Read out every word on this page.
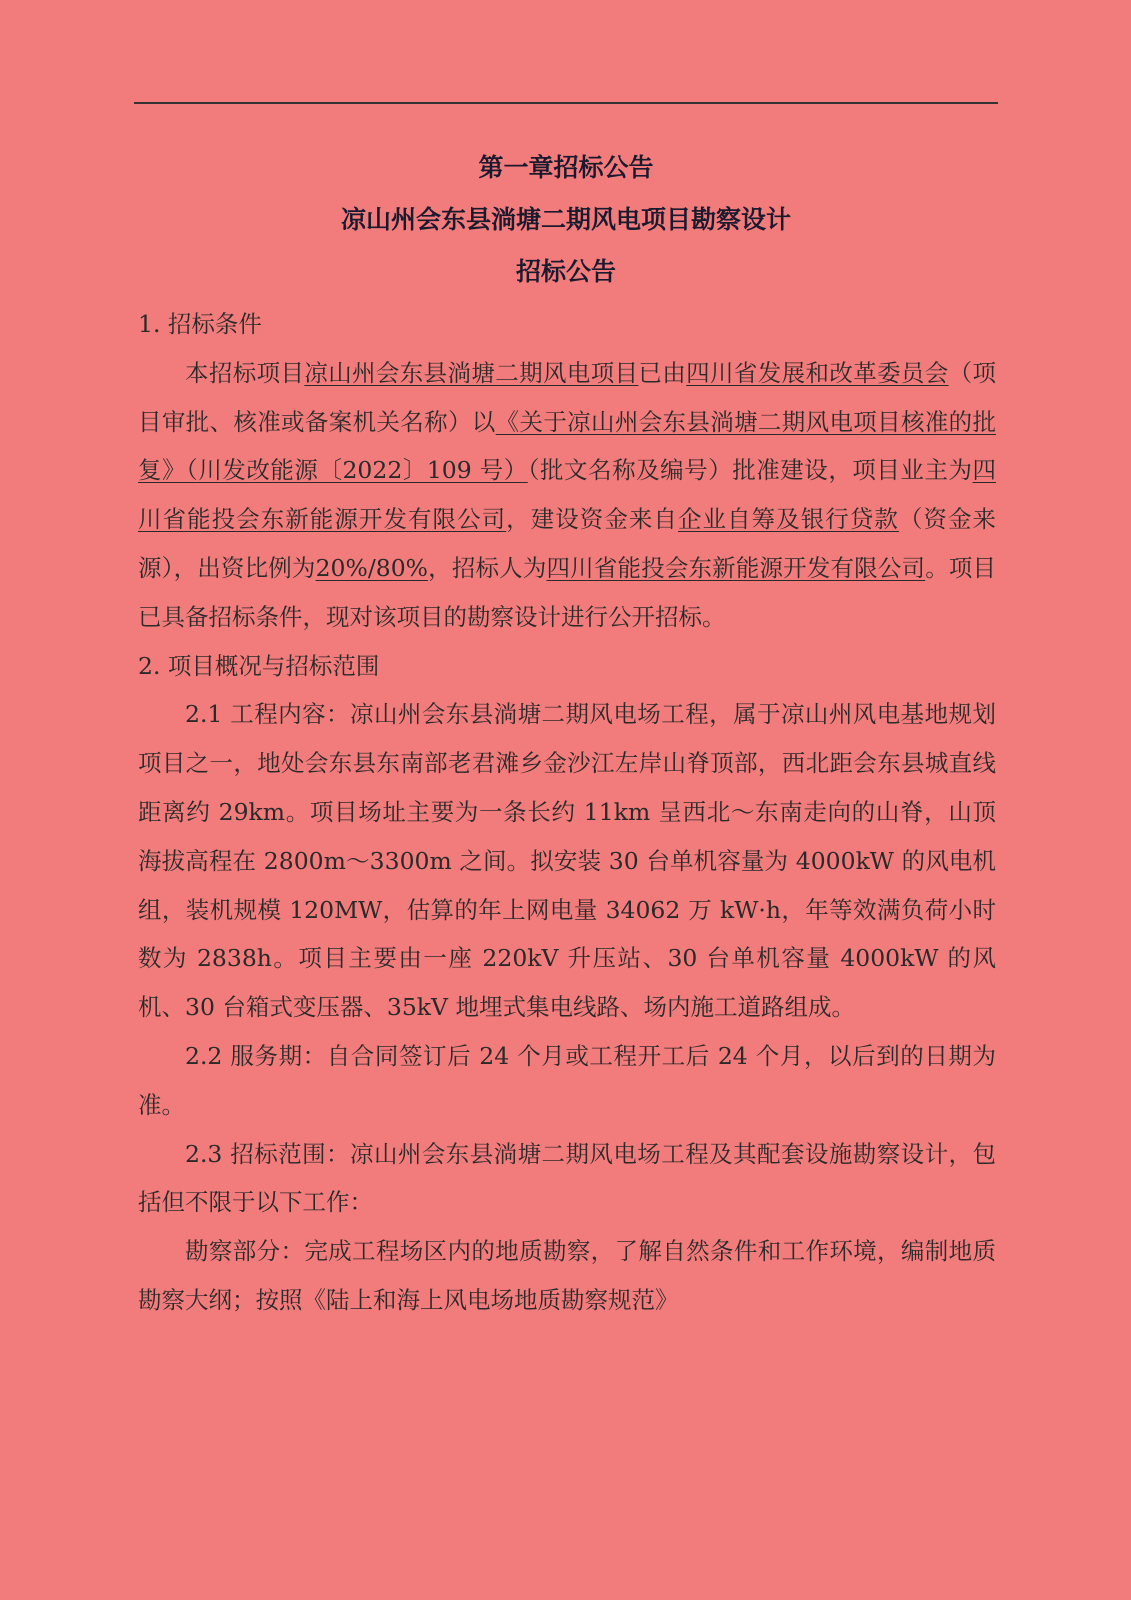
第一章招标公告
凉山州会东县淌塘二期风电项目勘察设计
招标公告

1. 招标条件

本招标项目凉山州会东县淌塘二期风电项目已由四川省发展和改革委员会（项目审批、核准或备案机关名称）以《关于凉山州会东县淌塘二期风电项目核准的批复》（川发改能源〔2022〕109 号）（批文名称及编号）批准建设，项目业主为四川省能投会东新能源开发有限公司，建设资金来自企业自筹及银行贷款（资金来源），出资比例为20%/80%，招标人为四川省能投会东新能源开发有限公司。项目已具备招标条件，现对该项目的勘察设计进行公开招标。

2. 项目概况与招标范围

2.1 工程内容：凉山州会东县淌塘二期风电场工程，属于凉山州风电基地规划项目之一，地处会东县东南部老君滩乡金沙江左岸山脊顶部，西北距会东县城直线距离约 29km。项目场址主要为一条长约 11km 呈西北～东南走向的山脊，山顶海拔高程在 2800m～3300m 之间。拟安装 30 台单机容量为 4000kW 的风电机组，装机规模 120MW，估算的年上网电量 34062 万 kW·h，年等效满负荷小时数为 2838h。项目主要由一座 220kV 升压站、30 台单机容量 4000kW 的风机、30 台箱式变压器、35kV 地埋式集电线路、场内施工道路组成。

2.2 服务期：自合同签订后 24 个月或工程开工后 24 个月，以后到的日期为准。

2.3 招标范围：凉山州会东县淌塘二期风电场工程及其配套设施勘察设计，包括但不限于以下工作：

勘察部分：完成工程场区内的地质勘察，了解自然条件和工作环境，编制地质勘察大纲；按照《陆上和海上风电场地质勘察规范》
